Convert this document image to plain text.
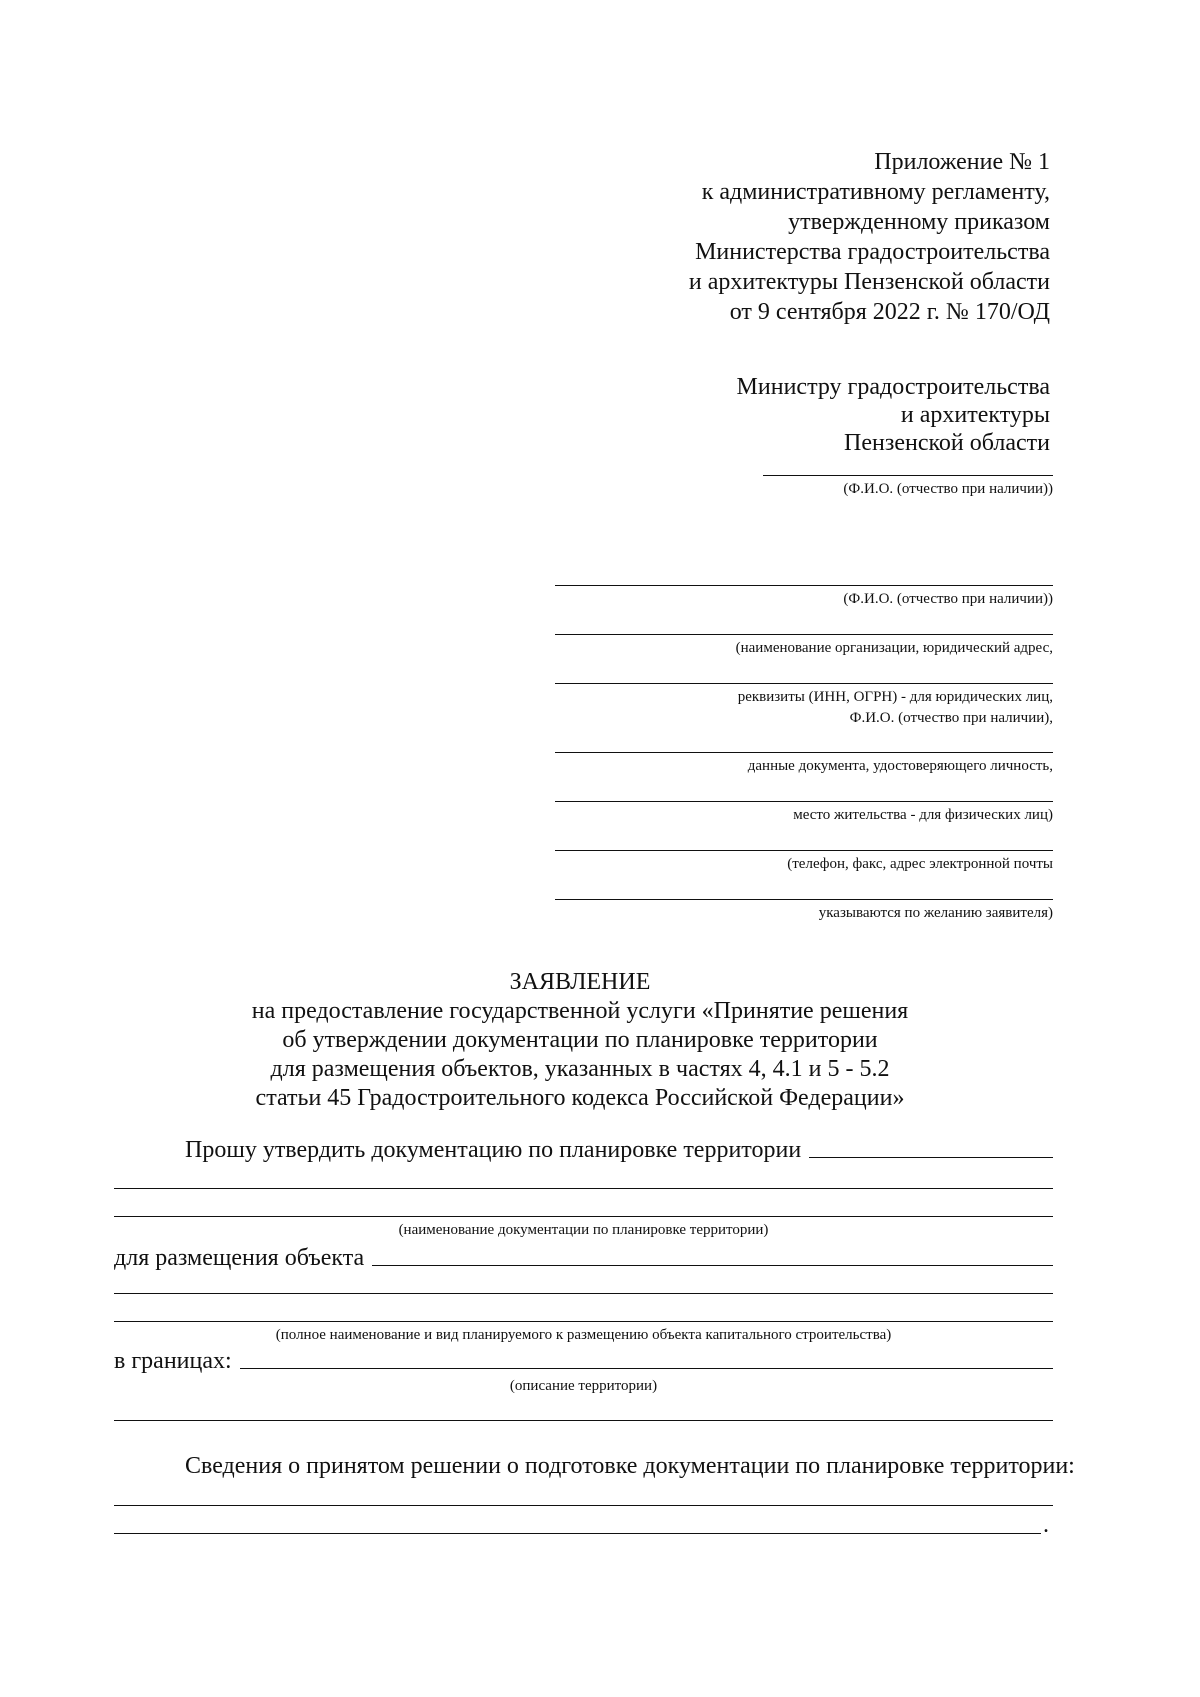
Приложение № 1
к административному регламенту,
утвержденному приказом
Министерства градостроительства
и архитектуры Пензенской области
от 9 сентября 2022 г. № 170/ОД
Министру градостроительства
и архитектуры
Пензенской области
(Ф.И.О. (отчество при наличии))
(Ф.И.О. (отчество при наличии))
(наименование организации, юридический адрес,
реквизиты (ИНН, ОГРН) - для юридических лиц,
Ф.И.О. (отчество при наличии),
данные документа, удостоверяющего личность,
место жительства - для физических лиц)
(телефон, факс, адрес электронной почты
указываются по желанию заявителя)
ЗАЯВЛЕНИЕ
на предоставление государственной услуги «Принятие решения
об утверждении документации по планировке территории
для размещения объектов, указанных в частях 4, 4.1 и 5 - 5.2
статьи 45 Градостроительного кодекса Российской Федерации»
Прошу утвердить документацию по планировке территории
(наименование документации по планировке территории)
для размещения объекта
(полное наименование и вид планируемого к размещению объекта капитального строительства)
в границах:
(описание территории)
Сведения о принятом решении о подготовке документации по планировке территории:
.
